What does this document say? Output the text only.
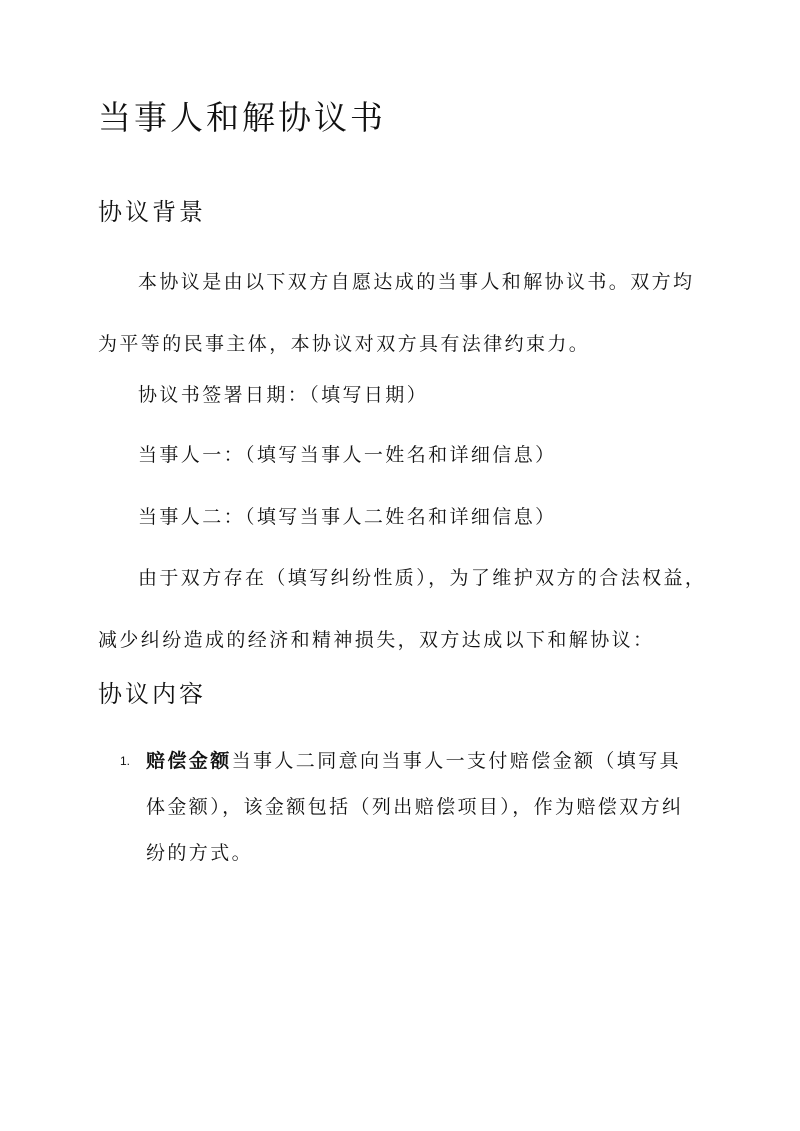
当事人和解协议书
协议背景

本协议是由以下双方自愿达成的当事人和解协议书。双方均为平等的民事主体，本协议对双方具有法律约束力。

协议书签署日期：（填写日期）

当事人一：（填写当事人一姓名和详细信息）

当事人二：（填写当事人二姓名和详细信息）

由于双方存在（填写纠纷性质），为了维护双方的合法权益，减少纠纷造成的经济和精神损失，双方达成以下和解协议：

协议内容
1. 赔偿金额当事人二同意向当事人一支付赔偿金额（填写具体金额），该金额包括（列出赔偿项目），作为赔偿双方纠纷的方式。
